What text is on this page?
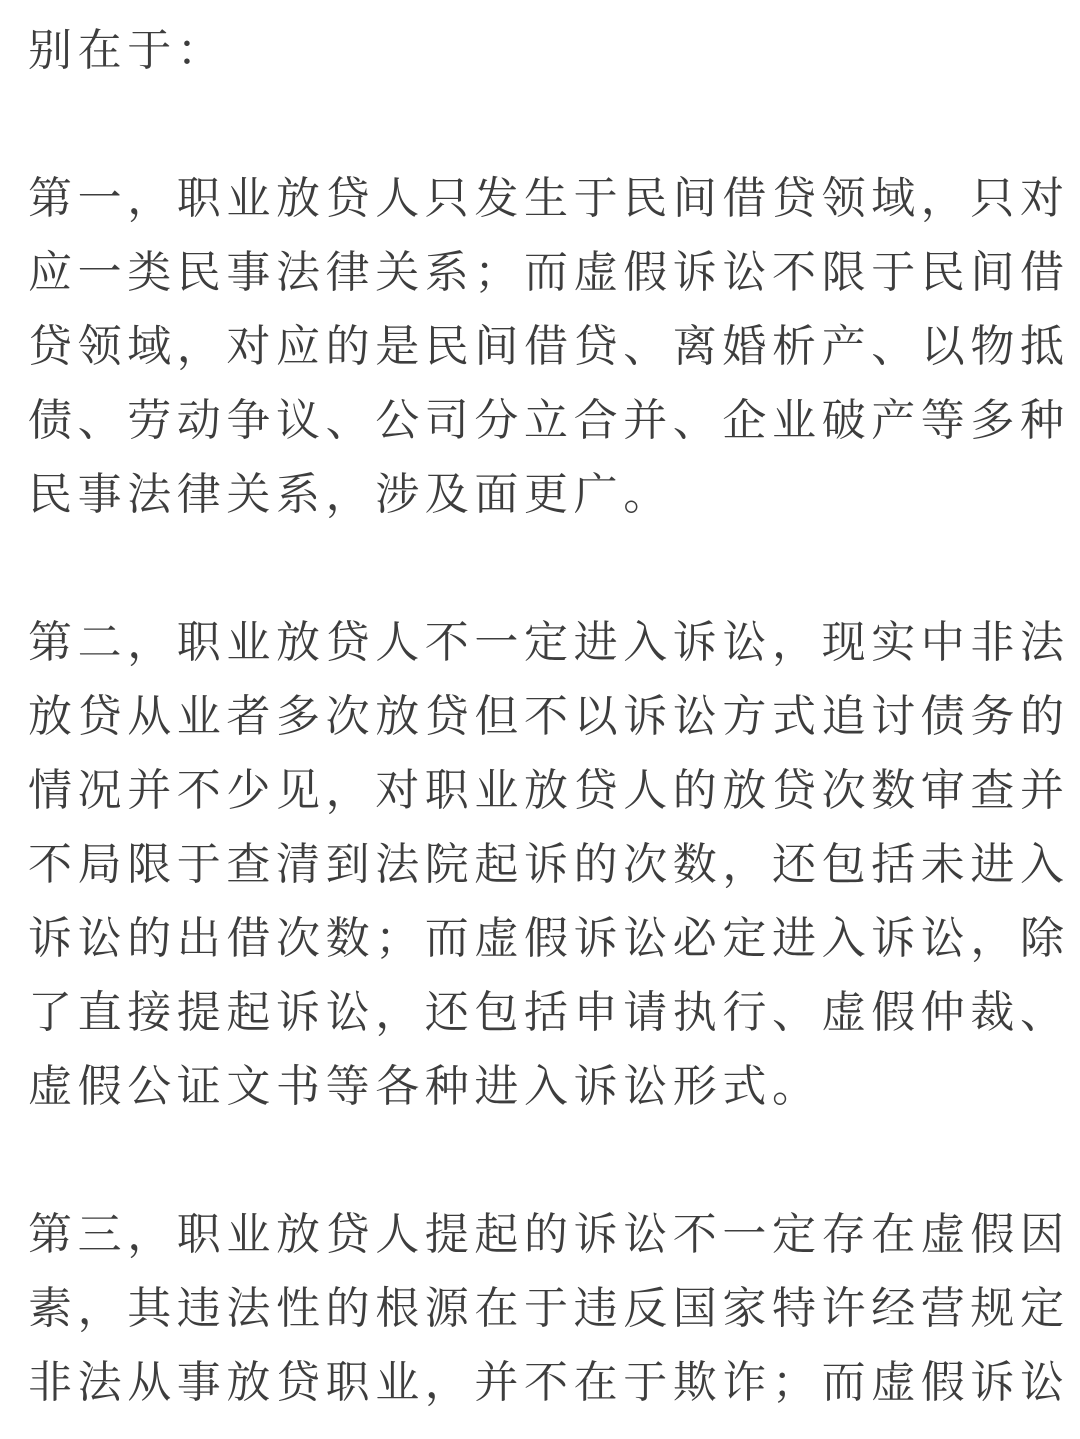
别在于：
第一，职业放贷人只发生于民间借贷领域，只对
应一类民事法律关系；而虚假诉讼不限于民间借
贷领域，对应的是民间借贷、离婚析产、以物抵
债、劳动争议、公司分立合并、企业破产等多种
民事法律关系，涉及面更广。
第二，职业放贷人不一定进入诉讼，现实中非法
放贷从业者多次放贷但不以诉讼方式追讨债务的
情况并不少见，对职业放贷人的放贷次数审查并
不局限于查清到法院起诉的次数，还包括未进入
诉讼的出借次数；而虚假诉讼必定进入诉讼，除
了直接提起诉讼，还包括申请执行、虚假仲裁、
虚假公证文书等各种进入诉讼形式。
第三，职业放贷人提起的诉讼不一定存在虚假因
素，其违法性的根源在于违反国家特许经营规定
非法从事放贷职业，并不在于欺诈；而虚假诉讼
